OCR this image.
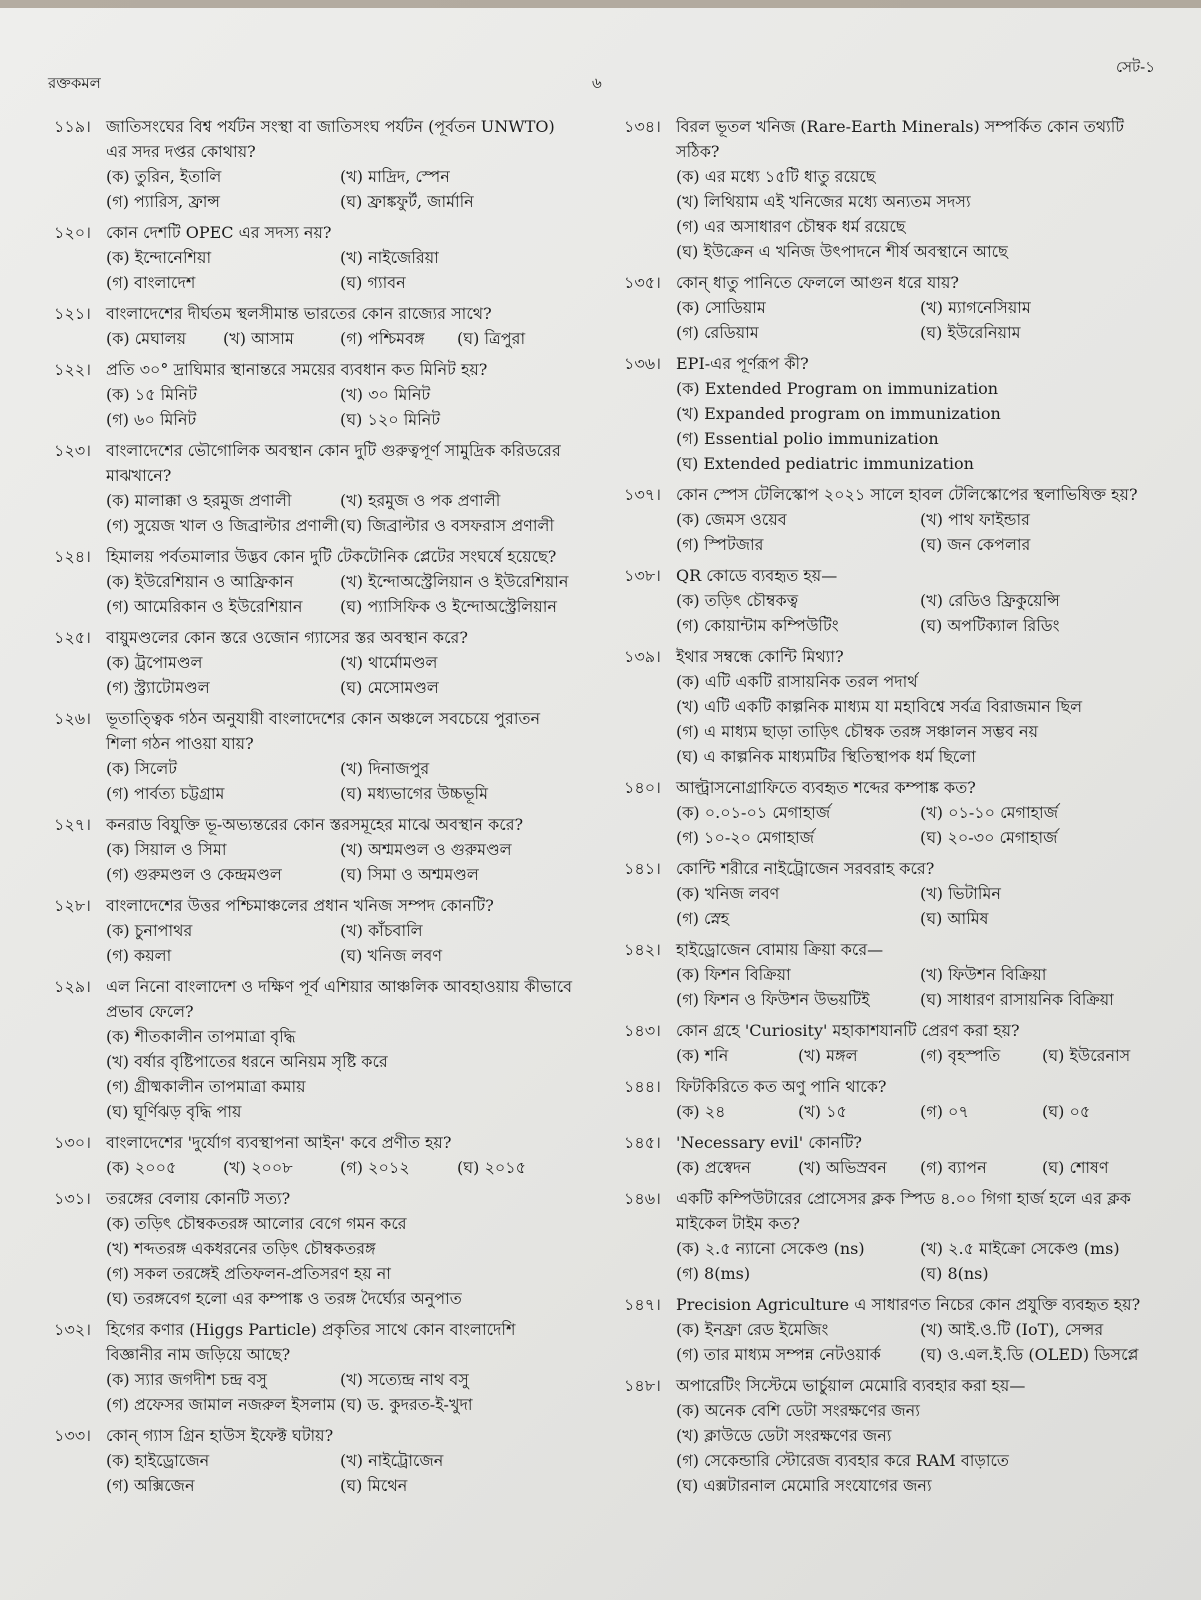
রক্তকমল	৬
সেট-১
১১৯। জাতিসংঘের বিশ্ব পর্যটন সংস্থা বা জাতিসংঘ পর্যটন (পূর্বতন UNWTO) এর সদর দপ্তর কোথায়?
(ক) তুরিন, ইতালি	(খ) মাদ্রিদ, স্পেন
(গ) প্যারিস, ফ্রান্স	(ঘ) ফ্রাঙ্কফুর্ট, জার্মানি
১২০। কোন দেশটি OPEC এর সদস্য নয়?
(ক) ইন্দোনেশিয়া	(খ) নাইজেরিয়া
(গ) বাংলাদেশ	(ঘ) গ্যাবন
১২১। বাংলাদেশের দীর্ঘতম স্থলসীমান্ত ভারতের কোন রাজ্যের সাথে?
(ক) মেঘালয়	(খ) আসাম	(গ) পশ্চিমবঙ্গ	(ঘ) ত্রিপুরা
১২২। প্রতি ৩০° দ্রাঘিমার স্থানান্তরে সময়ের ব্যবধান কত মিনিট হয়?
(ক) ১৫ মিনিট	(খ) ৩০ মিনিট
(গ) ৬০ মিনিট	(ঘ) ১২০ মিনিট
১২৩। বাংলাদেশের ভৌগোলিক অবস্থান কোন দুটি গুরুত্বপূর্ণ সামুদ্রিক করিডরের মাঝখানে?
(ক) মালাক্কা ও হরমুজ প্রণালী	(খ) হরমুজ ও পক প্রণালী
(গ) সুয়েজ খাল ও জিব্রাল্টার প্রণালী (ঘ) জিব্রাল্টার ও বসফরাস প্রণালী
১২৪। হিমালয় পর্বতমালার উদ্ভব কোন দুটি টেকটোনিক প্লেটের সংঘর্ষে হয়েছে?
(ক) ইউরেশিয়ান ও আফ্রিকান	(খ) ইন্দোঅস্ট্রেলিয়ান ও ইউরেশিয়ান
(গ) আমেরিকান ও ইউরেশিয়ান	(ঘ) প্যাসিফিক ও ইন্দোঅস্ট্রেলিয়ান
১২৫। বায়ুমণ্ডলের কোন স্তরে ওজোন গ্যাসের স্তর অবস্থান করে?
(ক) ট্রপোমণ্ডল	(খ) থার্মোমণ্ডল
(গ) স্ট্র্যাটোমণ্ডল	(ঘ) মেসোমণ্ডল
১২৬। ভূতাত্ত্বিক গঠন অনুযায়ী বাংলাদেশের কোন অঞ্চলে সবচেয়ে পুরাতন শিলা গঠন পাওয়া যায়?
(ক) সিলেট	(খ) দিনাজপুর
(গ) পার্বত্য চট্টগ্রাম	(ঘ) মধ্যভাগের উচ্চভূমি
১২৭। কনরাড বিযুক্তি ভূ-অভ্যন্তরের কোন স্তরসমূহের মাঝে অবস্থান করে?
(ক) সিয়াল ও সিমা	(খ) অশ্মমণ্ডল ও গুরুমণ্ডল
(গ) গুরুমণ্ডল ও কেন্দ্রমণ্ডল	(ঘ) সিমা ও অশ্মমণ্ডল
১২৮। বাংলাদেশের উত্তর পশ্চিমাঞ্চলের প্রধান খনিজ সম্পদ কোনটি?
(ক) চুনাপাথর	(খ) কাঁচবালি
(গ) কয়লা	(ঘ) খনিজ লবণ
১২৯। এল নিনো বাংলাদেশ ও দক্ষিণ পূর্ব এশিয়ার আঞ্চলিক আবহাওয়ায় কীভাবে প্রভাব ফেলে?
(ক) শীতকালীন তাপমাত্রা বৃদ্ধি
(খ) বর্ষার বৃষ্টিপাতের ধরনে অনিয়ম সৃষ্টি করে
(গ) গ্রীষ্মকালীন তাপমাত্রা কমায়
(ঘ) ঘূর্ণিঝড় বৃদ্ধি পায়
১৩০। বাংলাদেশের 'দুর্যোগ ব্যবস্থাপনা আইন' কবে প্রণীত হয়?
(ক) ২০০৫	(খ) ২০০৮	(গ) ২০১২	(ঘ) ২০১৫
১৩১। তরঙ্গের বেলায় কোনটি সত্য?
(ক) তড়িৎ চৌম্বকতরঙ্গ আলোর বেগে গমন করে
(খ) শব্দতরঙ্গ একধরনের তড়িৎ চৌম্বকতরঙ্গ
(গ) সকল তরঙ্গেই প্রতিফলন-প্রতিসরণ হয় না
(ঘ) তরঙ্গবেগ হলো এর কম্পাঙ্ক ও তরঙ্গ দৈর্ঘ্যের অনুপাত
১৩২। হিগের কণার (Higgs Particle) প্রকৃতির সাথে কোন বাংলাদেশি বিজ্ঞানীর নাম জড়িয়ে আছে?
(ক) স্যার জগদীশ চন্দ্র বসু	(খ) সত্যেন্দ্র নাথ বসু
(গ) প্রফেসর জামাল নজরুল ইসলাম (ঘ) ড. কুদরত-ই-খুদা
১৩৩। কোন্ গ্যাস গ্রিন হাউস ইফেক্ট ঘটায়?
(ক) হাইড্রোজেন	(খ) নাইট্রোজেন
(গ) অক্সিজেন	(ঘ) মিথেন
১৩৪। বিরল ভূতল খনিজ (Rare-Earth Minerals) সম্পর্কিত কোন তথ্যটি সঠিক?
(ক) এর মধ্যে ১৫টি ধাতু রয়েছে
(খ) লিথিয়াম এই খনিজের মধ্যে অন্যতম সদস্য
(গ) এর অসাধারণ চৌম্বক ধর্ম রয়েছে
(ঘ) ইউক্রেন এ খনিজ উৎপাদনে শীর্ষ অবস্থানে আছে
১৩৫। কোন্ ধাতু পানিতে ফেললে আগুন ধরে যায়?
(ক) সোডিয়াম	(খ) ম্যাগনেসিয়াম
(গ) রেডিয়াম	(ঘ) ইউরেনিয়াম
১৩৬। EPI-এর পূর্ণরূপ কী?
(ক) Extended Program on immunization
(খ) Expanded program on immunization
(গ) Essential polio immunization
(ঘ) Extended pediatric immunization
১৩৭। কোন স্পেস টেলিস্কোপ ২০২১ সালে হাবল টেলিস্কোপের স্থলাভিষিক্ত হয়?
(ক) জেমস ওয়েব	(খ) পাথ ফাইন্ডার
(গ) স্পিটজার	(ঘ) জন কেপলার
১৩৮। QR কোডে ব্যবহৃত হয়—
(ক) তড়িৎ চৌম্বকত্ব	(খ) রেডিও ফ্রিকুয়েন্সি
(গ) কোয়ান্টাম কম্পিউটিং	(ঘ) অপটিক্যাল রিডিং
১৩৯। ইথার সম্বন্ধে কোন্টি মিথ্যা?
(ক) এটি একটি রাসায়নিক তরল পদার্থ
(খ) এটি একটি কাল্পনিক মাধ্যম যা মহাবিশ্বে সর্বত্র বিরাজমান ছিল
(গ) এ মাধ্যম ছাড়া তাড়িৎ চৌম্বক তরঙ্গ সঞ্চালন সম্ভব নয়
(ঘ) এ কাল্পনিক মাধ্যমটির স্থিতিস্থাপক ধর্ম ছিলো
১৪০। আল্ট্রাসনোগ্রাফিতে ব্যবহৃত শব্দের কম্পাঙ্ক কত?
(ক) ০.০১-০১ মেগাহার্জ	(খ) ০১-১০ মেগাহার্জ
(গ) ১০-২০ মেগাহার্জ	(ঘ) ২০-৩০ মেগাহার্জ
১৪১। কোন্টি শরীরে নাইট্রোজেন সরবরাহ করে?
(ক) খনিজ লবণ	(খ) ভিটামিন
(গ) স্নেহ	(ঘ) আমিষ
১৪২। হাইড্রোজেন বোমায় ক্রিয়া করে—
(ক) ফিশন বিক্রিয়া	(খ) ফিউশন বিক্রিয়া
(গ) ফিশন ও ফিউশন উভয়টিই	(ঘ) সাধারণ রাসায়নিক বিক্রিয়া
১৪৩। কোন গ্রহে 'Curiosity' মহাকাশযানটি প্রেরণ করা হয়?
(ক) শনি	(খ) মঙ্গল	(গ) বৃহস্পতি	(ঘ) ইউরেনাস
১৪৪। ফিটকিরিতে কত অণু পানি থাকে?
(ক) ২৪	(খ) ১৫	(গ) ০৭	(ঘ) ০৫
১৪৫। 'Necessary evil' কোনটি?
(ক) প্রস্বেদন	(খ) অভিস্রবন	(গ) ব্যাপন	(ঘ) শোষণ
১৪৬। একটি কম্পিউটারের প্রোসেসর ক্লক স্পিড ৪.০০ গিগা হার্জ হলে এর ক্লক মাইকেল টাইম কত?
(ক) ২.৫ ন্যানো সেকেণ্ড (ns)	(খ) ২.৫ মাইক্রো সেকেণ্ড (ms)
(গ) 8(ms)	(ঘ) 8(ns)
১৪৭। Precision Agriculture এ সাধারণত নিচের কোন প্রযুক্তি ব্যবহৃত হয়?
(ক) ইনফ্রা রেড ইমেজিং	(খ) আই.ও.টি (IoT), সেন্সর
(গ) তার মাধ্যম সম্পন্ন নেটওয়ার্ক	(ঘ) ও.এল.ই.ডি (OLED) ডিসপ্লে
১৪৮। অপারেটিং সিস্টেমে ভার্চুয়াল মেমোরি ব্যবহার করা হয়—
(ক) অনেক বেশি ডেটা সংরক্ষণের জন্য
(খ) ক্লাউডে ডেটা সংরক্ষণের জন্য
(গ) সেকেন্ডারি স্টোরেজ ব্যবহার করে RAM বাড়াতে
(ঘ) এক্সটারনাল মেমোরি সংযোগের জন্য
